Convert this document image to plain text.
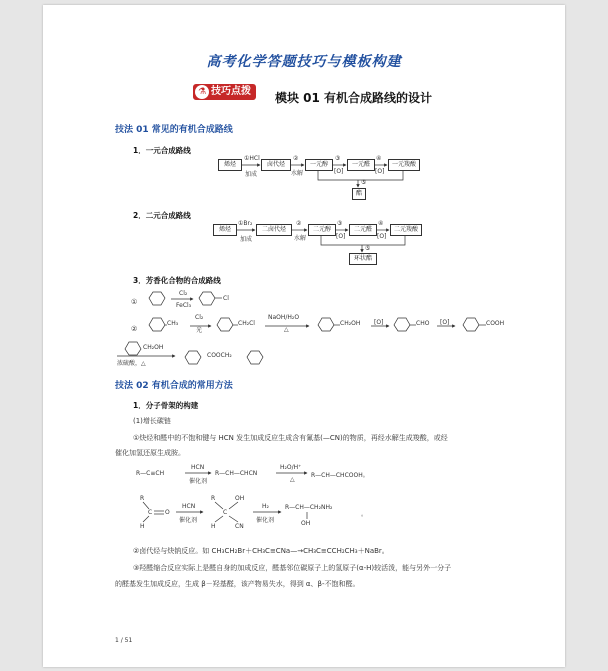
高考化学答题技巧与模板构建
技巧点拨
⚗	模块 01 有机合成路线的设计
技法 01 常见的有机合成路线
1．一元合成路线
烯烃	卤代烃	一元醇	一元醛	一元羧酸
酯
①HCl
加成
②
水解
③
[O]
④
[O]
⑤
2．二元合成路线
烯烃	二卤代烃	二元醇	二元醛	二元羧酸
环状酯
①Br₂
加成
②
水解
③
[O]
④
[O]
⑤
3．芳香化合物的合成路线
①
Cl₂
FeCl₃
Cl
②
CH₃
Cl₂
光
CH₂Cl
NaOH/H₂O
△
CH₂OH [O]	CHO [O]	COOH
CH₂OH
浓硫酸，△
COOCH₂
技法 02 有机合成的常用方法
1．分子骨架的构建
(1)增长碳链
①炔烃和醛中的不饱和键与 HCN 发生加成反应生成含有氰基(—CN)的物质，再经水解生成羧酸，或经
催化加氢还原生成胺。
R—C≡CH
HCN
催化剂
R—CH—CHCN
H₂O/H⁺
△
R—CH—CHCOOH。
R
H
C O
HCN
催化剂
R	OH
C
H	CN
H₂
催化剂
R—CH—CH₂NH₂
OH
。
②卤代烃与炔钠反应。如 CH₃CH₂Br＋CH₃C≡CNa—→CH₃C≡CCH₂CH₃＋NaBr。
③羟醛缩合反应实际上是醛自身的加成反应，醛基邻位碳原子上的氢原子(α-H)较活泼，能与另外一分子
的醛基发生加成反应，生成 β－羟基醛，该产物易失水，得到 α、β-不饱和醛。
1 / 51
